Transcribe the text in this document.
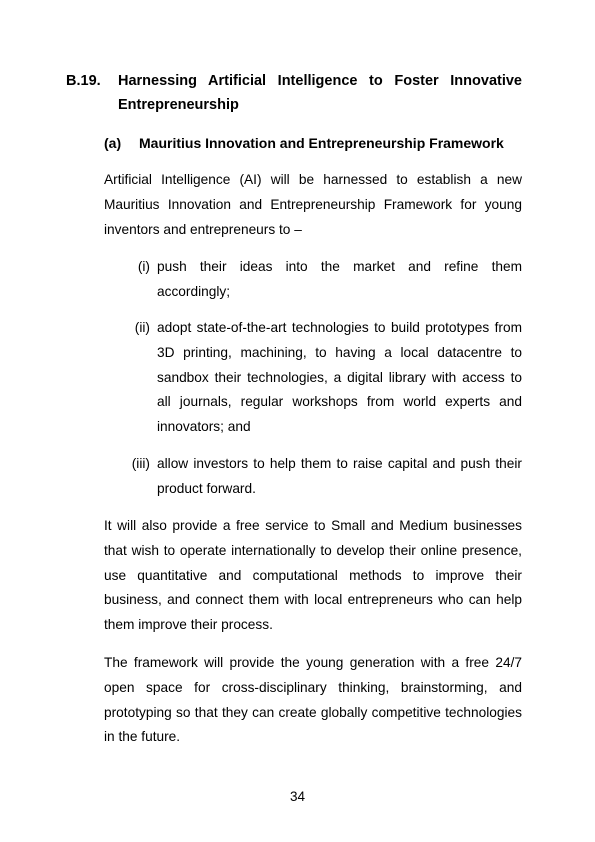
B.19. Harnessing Artificial Intelligence to Foster Innovative Entrepreneurship
(a) Mauritius Innovation and Entrepreneurship Framework

Artificial Intelligence (AI) will be harnessed to establish a new Mauritius Innovation and Entrepreneurship Framework for young inventors and entrepreneurs to –

(i) push their ideas into the market and refine them accordingly;
(ii) adopt state-of-the-art technologies to build prototypes from 3D printing, machining, to having a local datacentre to sandbox their technologies, a digital library with access to all journals, regular workshops from world experts and innovators; and
(iii) allow investors to help them to raise capital and push their product forward.

It will also provide a free service to Small and Medium businesses that wish to operate internationally to develop their online presence, use quantitative and computational methods to improve their business, and connect them with local entrepreneurs who can help them improve their process.

The framework will provide the young generation with a free 24/7 open space for cross-disciplinary thinking, brainstorming, and prototyping so that they can create globally competitive technologies in the future.

34
